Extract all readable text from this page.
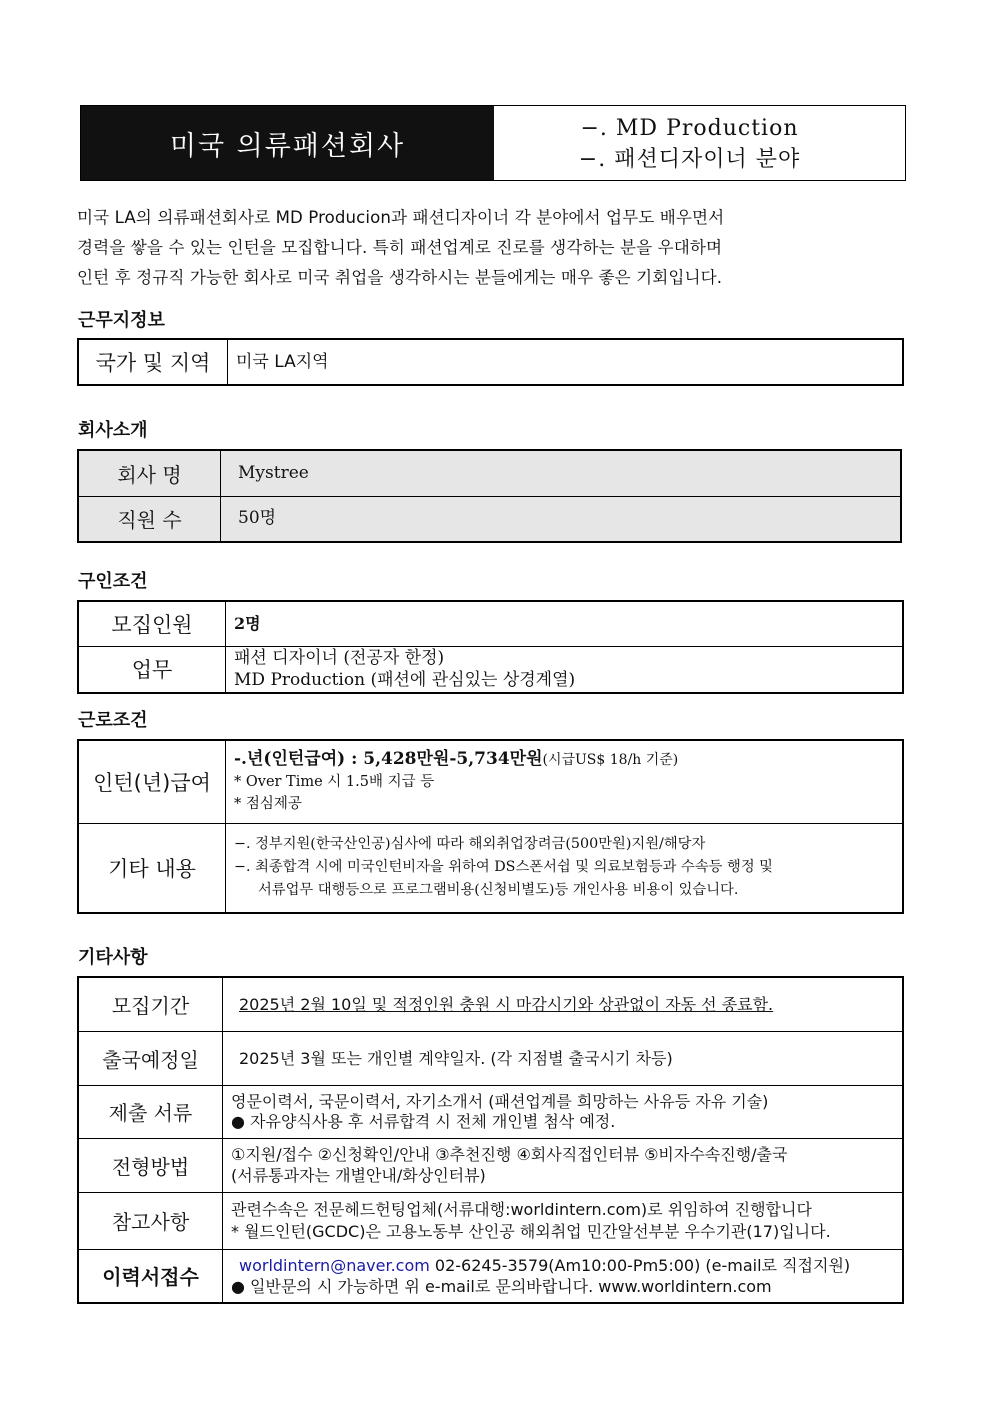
미국 의류패션회사
−. MD Production
−. 패션디자이너 분야
미국 LA의 의류패션회사로 MD Producion과 패션디자이너 각 분야에서 업무도 배우면서
경력을 쌓을 수 있는 인턴을 모집합니다. 특히 패션업계로 진로를 생각하는 분을 우대하며
인턴 후 정규직 가능한 회사로 미국 취업을 생각하시는 분들에게는 매우 좋은 기회입니다.
근무지정보
국가 및 지역	미국 LA지역
회사소개
회사 명	Mystree
직원 수	50명
구인조건
모집인원	2명
업무	패션 디자이너 (전공자 한정)
MD Production (패션에 관심있는 상경계열)
근로조건
인턴(년)급여	-.년(인턴급여) : 5,428만원-5,734만원(시급US$ 18/h 기준)
* Over Time 시 1.5배 지급 등
* 점심제공

기타 내용	−. 정부지원(한국산인공)심사에 따라 해외취업장려금(500만원)지원/해당자
−. 최종합격 시에 미국인턴비자을 위하여 DS스폰서쉽 및 의료보험등과 수속등 행정 및
서류업무 대행등으로 프로그램비용(신청비별도)등 개인사용 비용이 있습니다.
기타사항
모집기간	2025년 2월 10일 및 적정인원 충원 시 마감시기와 상관없이 자동 선 종료함.
출국예정일	2025년 3월 또는 개인별 계약일자. (각 지점별 출국시기 차등)
제출 서류	영문이력서, 국문이력서, 자기소개서 (패션업계를 희망하는 사유등 자유 기술)
● 자유양식사용 후 서류합격 시 전체 개인별 첨삭 예정.

전형방법	①지원/접수 ②신청확인/안내 ③추천진행 ④회사직접인터뷰 ⑤비자수속진행/출국
(서류통과자는 개별안내/화상인터뷰)

참고사항	관련수속은 전문헤드헌팅업체(서류대행:worldintern.com)로 위임하여 진행합니다
* 월드인턴(GCDC)은 고용노동부 산인공 해외취업 민간알선부분 우수기관(17)입니다.

이력서접수	worldintern@naver.com 02-6245-3579(Am10:00-Pm5:00) (e-mail로 직접지원)
● 일반문의 시 가능하면 위 e-mail로 문의바랍니다. www.worldintern.com
